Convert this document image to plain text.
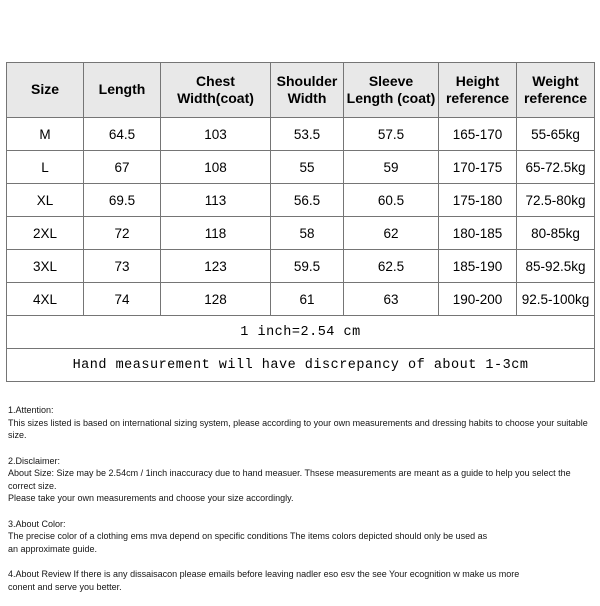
Size	Length	Chest Width(coat)	Shoulder Width	Sleeve Length (coat)	Height reference	Weight reference
M	64.5	103	53.5	57.5	165-170	55-65kg
L	67	108	55	59	170-175	65-72.5kg
XL	69.5	113	56.5	60.5	175-180	72.5-80kg
2XL	72	118	58	62	180-185	80-85kg
3XL	73	123	59.5	62.5	185-190	85-92.5kg
4XL	74	128	61	63	190-200	92.5-100kg
1 inch=2.54 cm						
Hand measurement will have discrepancy of about 1-3cm						
1.Attention:
This sizes listed is based on international sizing system, please according to your own measurements and dressing habits to choose your suitable size.
2.Disclaimer:
About Size: Size may be 2.54cm / 1inch inaccuracy due to hand measuer. Thsese measurements are meant as a guide to help you select the correct size.
Please take your own measurements and choose your size accordingly.
3.About Color:
The precise color of a clothing ems mva depend on specific conditions The items colors depicted should only be used as
an approximate guide.
4.About Review If there is any dissaisacon please emails before leaving nadler eso esv the see Your ecognition w make us more
conent and serve you better.
